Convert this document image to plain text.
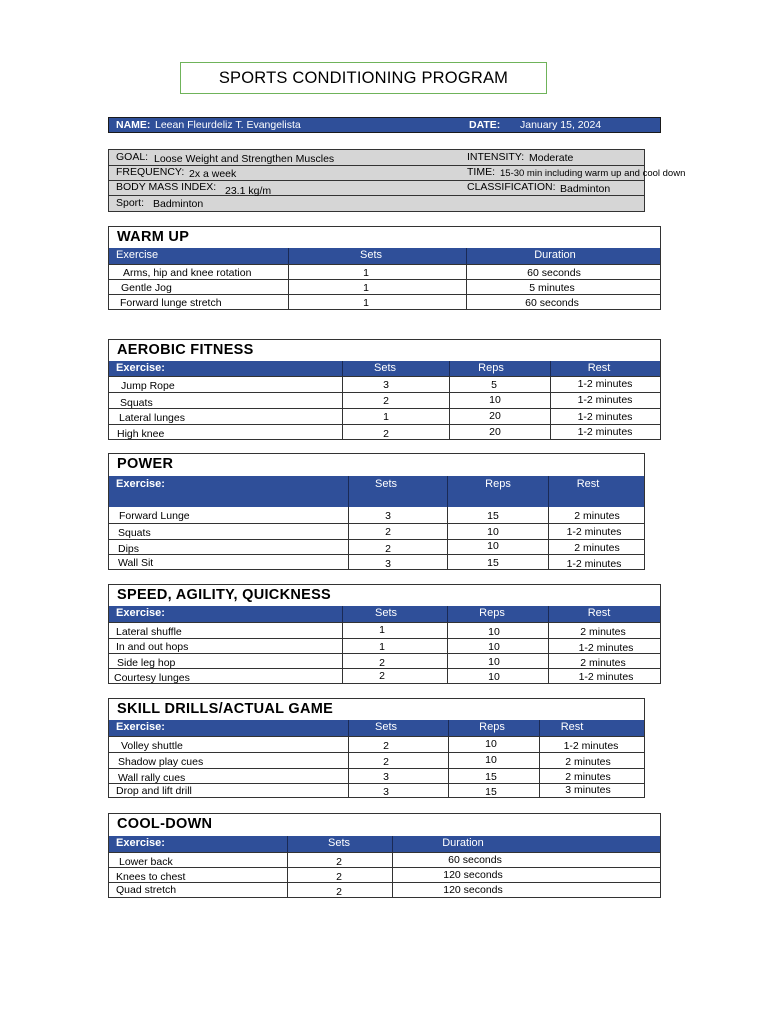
SPORTS CONDITIONING PROGRAM
NAME: Leean Fleurdeliz T. Evangelista	DATE: January 15, 2024
GOAL: Loose Weight and Strengthen Muscles	INTENSITY: Moderate
FREQUENCY: 2x a week	TIME: 15-30 min including warm up and cool down
BODY MASS INDEX: 23.1 kg/m	CLASSIFICATION: Badminton
Sport: Badminton
WARM UP
Exercise	Sets	Duration
Arms, hip and knee rotation	1	60 seconds
Gentle Jog	1	5 minutes
Forward lunge stretch	1	60 seconds
AEROBIC FITNESS
Exercise:	Sets	Reps	Rest
Jump Rope	3	5	1-2 minutes
Squats	2	10	1-2 minutes
Lateral lunges	1	20	1-2 minutes
High knee	2	20	1-2 minutes
POWER
Exercise:	Sets	Reps	Rest
Forward Lunge	3	15	2 minutes
Squats	2	10	1-2 minutes
Dips	2	10	2 minutes
Wall Sit	3	15	1-2 minutes
SPEED, AGILITY, QUICKNESS
Exercise:	Sets	Reps	Rest
Lateral shuffle	1	10	2 minutes
In and out hops	1	10	1-2 minutes
Side leg hop	2	10	2 minutes
Courtesy lunges	2	10	1-2 minutes
SKILL DRILLS/ACTUAL GAME
Exercise:	Sets	Reps	Rest
Volley shuttle	2	10	1-2 minutes
Shadow play cues	2	10	2 minutes
Wall rally cues	3	15	2 minutes
Drop and lift drill	3	15	3 minutes
COOL-DOWN
Exercise:	Sets	Duration
Lower back	2	60 seconds
Knees to chest	2	120 seconds
Quad stretch	2	120 seconds
